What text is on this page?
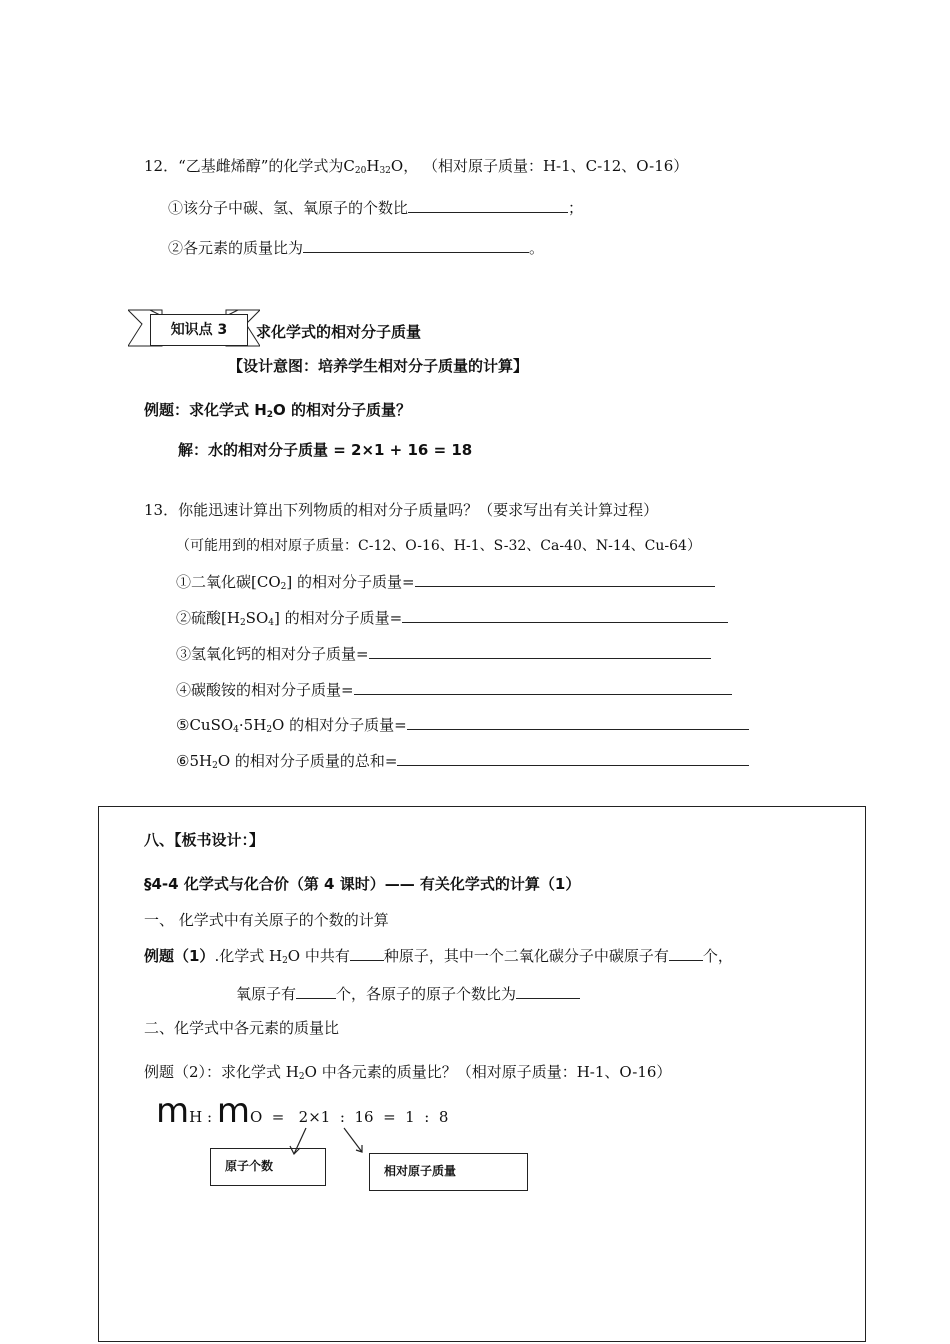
12．“乙基雌烯醇”的化学式为$C_{20}H_{32}O$， （相对原子质量：H-1、C-12、O-16）
①该分子中碳、氢、氧原子的个数比	；
②各元素的质量比为	。
知识点 3	求化学式的相对分子质量
【设计意图：培养学生相对分子质量的计算】
例题：求化学式 $H_2O$ 的相对分子质量？
解：水的相对分子质量 = 2×1 + 16 = 18
13．你能迅速计算出下列物质的相对分子质量吗？（要求写出有关计算过程）
（可能用到的相对原子质量：C-12、O-16、H-1、S-32、Ca-40、N-14、Cu-64）
①二氧化碳$[CO_2]$ 的相对分子质量=
②硫酸$[H_2SO_4]$ 的相对分子质量=
③氢氧化钙的相对分子质量=
④碳酸铵的相对分子质量=
$⑤CuSO_4\cdot 5H_2O$ 的相对分子质量=
$⑥5H_2O$ 的相对分子质量的总和=
八、【板书设计：】
§4-4 化学式与化合价（第 4 课时）—— 有关化学式的计算（1）
一、 化学式中有关原子的个数的计算
例题（1）.化学式 $H_2O$ 中共有 种原子，其中一个二氧化碳分子中碳原子有 个，
氧原子有	个，各原子的原子个数比为
二、化学式中各元素的质量比
例题（2）：求化学式 $H_2O$ 中各元素的质量比？（相对原子质量：H-1、O-16）
mH : mO  =   2×1  :  16  =  1  :  8
原子个数	相对原子质量
